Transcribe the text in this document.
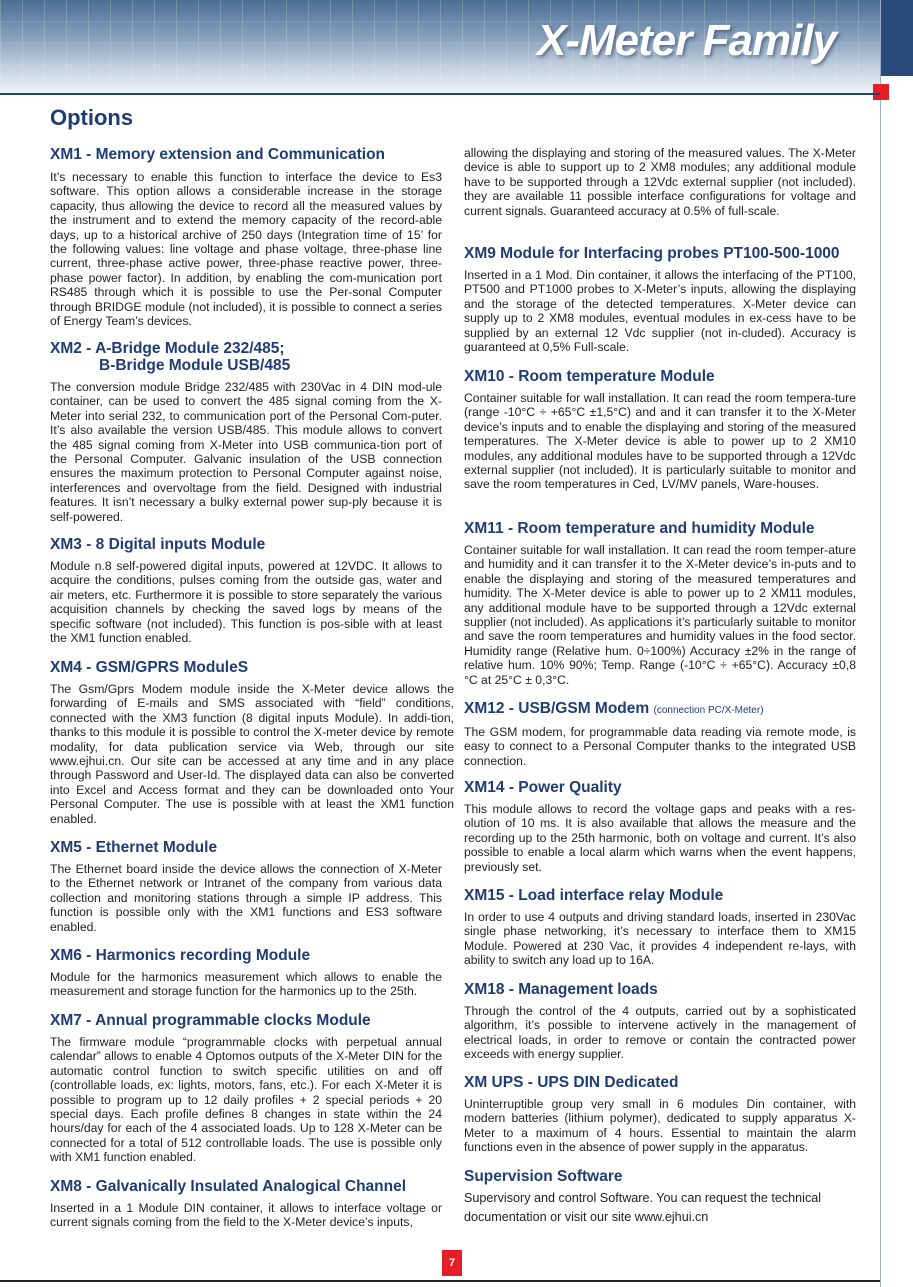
X-Meter Family
Options
XM1 - Memory extension and Communication

It’s necessary to enable this function to interface the device to Es3 software. This option allows a considerable increase in the storage capacity, thus allowing the device to record all the measured values by the instrument and to extend the memory capacity of the record-able days, up to a historical archive of 250 days (Integration time of 15’ for the following values: line voltage and phase voltage, three-phase line current, three-phase active power, three-phase reactive power, three-phase power factor). In addition, by enabling the com-munication port RS485 through which it is possible to use the Per-sonal Computer through BRIDGE module (not included), it is possible to connect a series of Energy Team’s devices.

XM2 - A-Bridge Module 232/485;
B-Bridge Module USB/485

The conversion module Bridge 232/485 with 230Vac in 4 DIN mod-ule container, can be used to convert the 485 signal coming from the X-Meter into serial 232, to communication port of the Personal Com-puter. It’s also available the version USB/485. This module allows to convert the 485 signal coming from X-Meter into USB communica-tion port of the Personal Computer. Galvanic insulation of the USB connection ensures the maximum protection to Personal Computer against noise, interferences and overvoltage from the field. Designed with industrial features. It isn’t necessary a bulky external power sup-ply because it is self-powered.

XM3 - 8 Digital inputs Module

Module n.8 self-powered digital inputs, powered at 12VDC. It allows to acquire the conditions, pulses coming from the outside gas, water and air meters, etc. Furthermore it is possible to store separately the various acquisition channels by checking the saved logs by means of the specific software (not included). This function is pos-sible with at least the XM1 function enabled.

XM4 - GSM/GPRS ModuleS

The Gsm/Gprs Modem module inside the X-Meter device allows the forwarding of E-mails and SMS associated with “field” conditions, connected with the XM3 function (8 digital inputs Module). In addi-tion, thanks to this module it is possible to control the X-meter device by remote modality, for data publication service via Web, through our site www.ejhui.cn. Our site can be accessed at any time and in any place through Password and User-Id. The displayed data can also be converted into Excel and Access format and they can be downloaded onto Your Personal Computer. The use is possible with at least the XM1 function enabled.

XM5 - Ethernet Module

The Ethernet board inside the device allows the connection of X-Meter to the Ethernet network or Intranet of the company from various data collection and monitoring stations through a simple IP address. This function is possible only with the XM1 functions and ES3 software enabled.

XM6 - Harmonics recording Module

Module for the harmonics measurement which allows to enable the measurement and storage function for the harmonics up to the 25th.

XM7 - Annual programmable clocks Module

The firmware module “programmable clocks with perpetual annual calendar” allows to enable 4 Optomos outputs of the X-Meter DIN for the automatic control function to switch specific utilities on and off (controllable loads, ex: lights, motors, fans, etc.). For each X-Meter it is possible to program up to 12 daily profiles + 2 special periods + 20 special days. Each profile defines 8 changes in state within the 24 hours/day for each of the 4 associated loads. Up to 128 X-Meter can be connected for a total of 512 controllable loads. The use is possible only with XM1 function enabled.

XM8 - Galvanically Insulated Analogical Channel

Inserted in a 1 Module DIN container, it allows to interface voltage or current signals coming from the field to the X-Meter device’s inputs,

allowing the displaying and storing of the measured values. The X-Meter device is able to support up to 2 XM8 modules; any additional module have to be supported through a 12Vdc external supplier (not included). they are available 11 possible interface configurations for voltage and current signals. Guaranteed accuracy at 0.5% of full-scale.

XM9 Module for Interfacing probes PT100-500-1000

Inserted in a 1 Mod. Din container, it allows the interfacing of the PT100, PT500 and PT1000 probes to X-Meter’s inputs, allowing the displaying and the storage of the detected temperatures. X-Meter device can supply up to 2 XM8 modules, eventual modules in ex-cess have to be supplied by an external 12 Vdc supplier (not in-cluded). Accuracy is guaranteed at 0,5% Full-scale.

XM10 - Room temperature Module

Container suitable for wall installation. It can read the room tempera-ture (range -10°C ÷ +65°C ±1,5°C) and and it can transfer it to the X-Meter device’s inputs and to enable the displaying and storing of the measured temperatures. The X-Meter device is able to power up to 2 XM10 modules, any additional modules have to be supported through a 12Vdc external supplier (not included). It is particularly suitable to monitor and save the room temperatures in Ced, LV/MV panels, Ware-houses.

XM11 - Room temperature and humidity Module

Container suitable for wall installation. It can read the room temper-ature and humidity and it can transfer it to the X-Meter device’s in-puts and to enable the displaying and storing of the measured temperatures and humidity. The X-Meter device is able to power up to 2 XM11 modules, any additional module have to be supported through a 12Vdc external supplier (not included). As applications it’s particularly suitable to monitor and save the room temperatures and humidity values in the food sector. Humidity range (Relative hum. 0÷100%) Accuracy ±2% in the range of relative hum. 10% 90%; Temp. Range (-10°C ÷ +65°C). Accuracy ±0,8 °C at 25°C ± 0,3°C.

XM12 - USB/GSM Modem (connection PC/X-Meter)

The GSM modem, for programmable data reading via remote mode, is easy to connect to a Personal Computer thanks to the integrated USB connection.

XM14 - Power Quality

This module allows to record the voltage gaps and peaks with a res-olution of 10 ms. It is also available that allows the measure and the recording up to the 25th harmonic, both on voltage and current. It’s also possible to enable a local alarm which warns when the event happens, previously set.

XM15 - Load interface relay Module

In order to use 4 outputs and driving standard loads, inserted in 230Vac single phase networking, it’s necessary to interface them to XM15 Module. Powered at 230 Vac, it provides 4 independent re-lays, with ability to switch any load up to 16A.

XM18 - Management loads

Through the control of the 4 outputs, carried out by a sophisticated algorithm, it’s possible to intervene actively in the management of electrical loads, in order to remove or contain the contracted power exceeds with energy supplier.

XM UPS - UPS DIN Dedicated

Uninterruptible group very small in 6 modules Din container, with modern batteries (lithium polymer), dedicated to supply apparatus X-Meter to a maximum of 4 hours. Essential to maintain the alarm functions even in the absence of power supply in the apparatus.

Supervision Software

Supervisory and control Software. You can request the technical documentation or visit our site www.ejhui.cn

7
